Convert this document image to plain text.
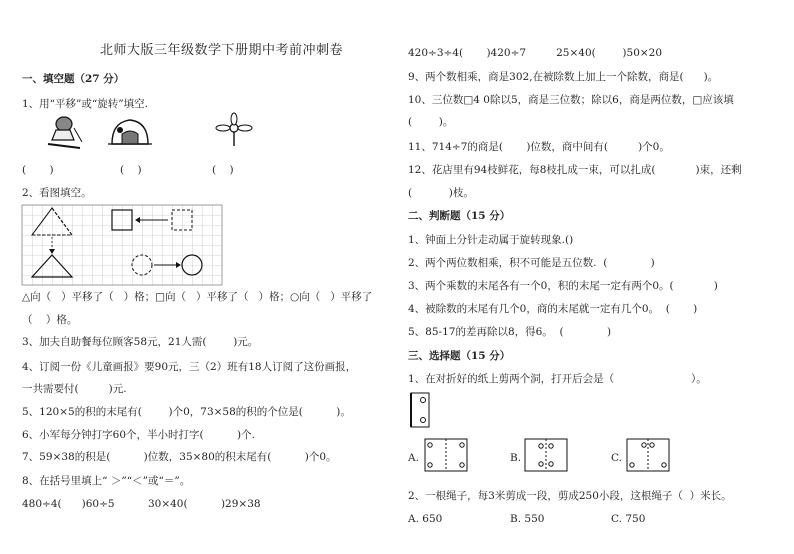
北师大版三年级数学下册期中考前冲刺卷
一、填空题（27 分）
1、用“平移”或“旋转”填空.
(       )	(    )	(    )
2、看图填空。
△向（   ）平移了（   ）格；□向（   ）平移了（   ）格；○向（   ）平移了
（    ）格。
3、加夫自助餐每位顾客58元，21人需(        )元。
4、订阅一份《儿童画报》要90元，三（2）班有18人订阅了这份画报，
一共需要付(         )元.
5、120×5的积的末尾有(        )个0，73×58的积的个位是(          )。
6、小军每分钟打字60个，半小时打字(          )个.
7、59×38的积是(          )位数，35×80的积末尾有(          )个0。
8、在括号里填上“ ＞”“＜”或“＝”。
480÷4(      )60÷5          30×40(          )29×38
420÷3÷4(       )420÷7         25×40(        )50×20
9、两个数相乘，商是302,在被除数上加上一个除数，商是(      )。
10、三位数□4 0除以5，商是三位数；除以6，商是两位数，□应该填
(        )。
11、714÷7的商是(       )位数，商中间有(         )个0。
12、花店里有94枝鲜花，每8枝扎成一束，可以扎成(            )束，还剩
(           )枝。
二、判断题（15 分）
1、钟面上分针走动属于旋转现象.()
2、两个两位数相乘，积不可能是五位数.  (             )
3、两个乘数的末尾各有一个0，积的末尾一定有两个0。(            )
4、被除数的末尾有几个0，商的末尾就一定有几个0。  (       )
5、85-17的差再除以8，得6。  (             )
三、选择题（15 分）
1、在对折好的纸上剪两个洞，打开后会是（                       ）。
A.	B.	C.
2、一根绳子，每3米剪成一段，剪成250小段，这根绳子（  ）米长。
A. 650	B. 550	C. 750
